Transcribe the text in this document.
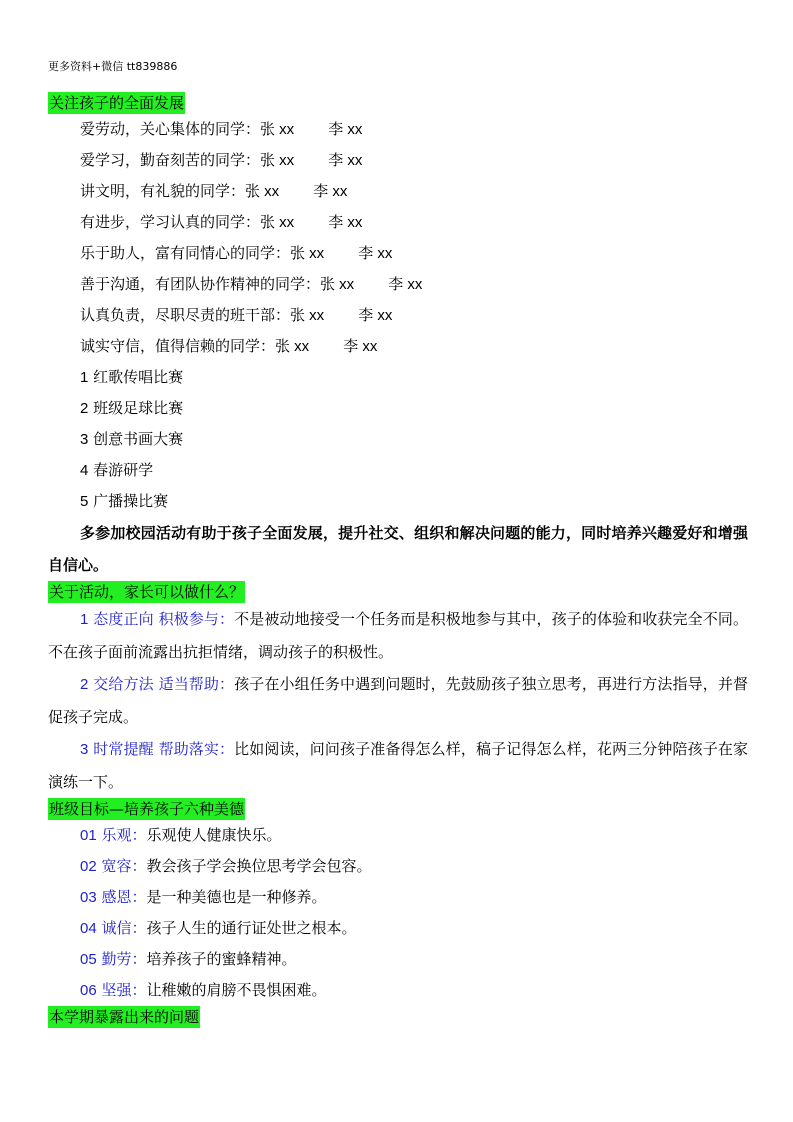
更多资料+微信 tt839886
关注孩子的全面发展

爱劳动，关心集体的同学：张 xx 李 xx

爱学习，勤奋刻苦的同学：张 xx 李 xx

讲文明，有礼貌的同学：张 xx 李 xx

有进步，学习认真的同学：张 xx 李 xx

乐于助人，富有同情心的同学：张 xx 李 xx

善于沟通，有团队协作精神的同学：张 xx 李 xx

认真负责，尽职尽责的班干部：张 xx 李 xx

诚实守信，值得信赖的同学：张 xx 李 xx

1 红歌传唱比赛

2 班级足球比赛

3 创意书画大赛

4 春游研学

5 广播操比赛

多参加校园活动有助于孩子全面发展，提升社交、组织和解决问题的能力，同时培养兴趣爱好和增强自信心。

关于活动，家长可以做什么？

1 态度正向 积极参与：不是被动地接受一个任务而是积极地参与其中，孩子的体验和收获完全不同。不在孩子面前流露出抗拒情绪，调动孩子的积极性。

2 交给方法 适当帮助：孩子在小组任务中遇到问题时，先鼓励孩子独立思考，再进行方法指导，并督促孩子完成。

3 时常提醒 帮助落实：比如阅读，问问孩子准备得怎么样，稿子记得怎么样，花两三分钟陪孩子在家演练一下。

班级目标—培养孩子六种美德

01 乐观：乐观使人健康快乐。

02 宽容：教会孩子学会换位思考学会包容。

03 感恩：是一种美德也是一种修养。

04 诚信：孩子人生的通行证处世之根本。

05 勤劳：培养孩子的蜜蜂精神。

06 坚强：让稚嫩的肩膀不畏惧困难。

本学期暴露出来的问题
